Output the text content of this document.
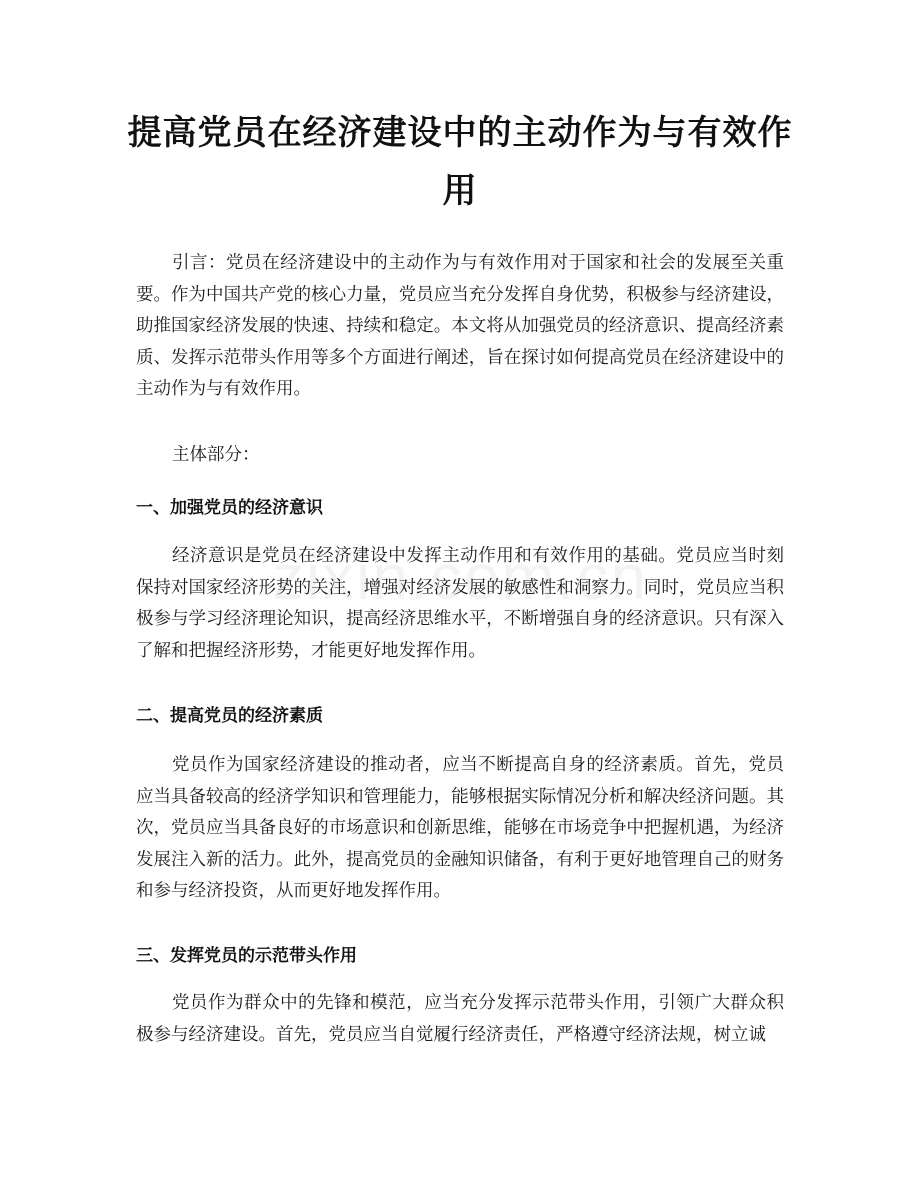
提高党员在经济建设中的主动作为与有效作用

引言：党员在经济建设中的主动作为与有效作用对于国家和社会的发展至关重要。作为中国共产党的核心力量，党员应当充分发挥自身优势，积极参与经济建设，助推国家经济发展的快速、持续和稳定。本文将从加强党员的经济意识、提高经济素质、发挥示范带头作用等多个方面进行阐述，旨在探讨如何提高党员在经济建设中的主动作为与有效作用。

主体部分：

一、加强党员的经济意识

经济意识是党员在经济建设中发挥主动作用和有效作用的基础。党员应当时刻保持对国家经济形势的关注，增强对经济发展的敏感性和洞察力。同时，党员应当积极参与学习经济理论知识，提高经济思维水平，不断增强自身的经济意识。只有深入了解和把握经济形势，才能更好地发挥作用。

二、提高党员的经济素质

党员作为国家经济建设的推动者，应当不断提高自身的经济素质。首先，党员应当具备较高的经济学知识和管理能力，能够根据实际情况分析和解决经济问题。其次，党员应当具备良好的市场意识和创新思维，能够在市场竞争中把握机遇，为经济发展注入新的活力。此外，提高党员的金融知识储备，有利于更好地管理自己的财务和参与经济投资，从而更好地发挥作用。

三、发挥党员的示范带头作用

党员作为群众中的先锋和模范，应当充分发挥示范带头作用，引领广大群众积极参与经济建设。首先，党员应当自觉履行经济责任，严格遵守经济法规，树立诚
